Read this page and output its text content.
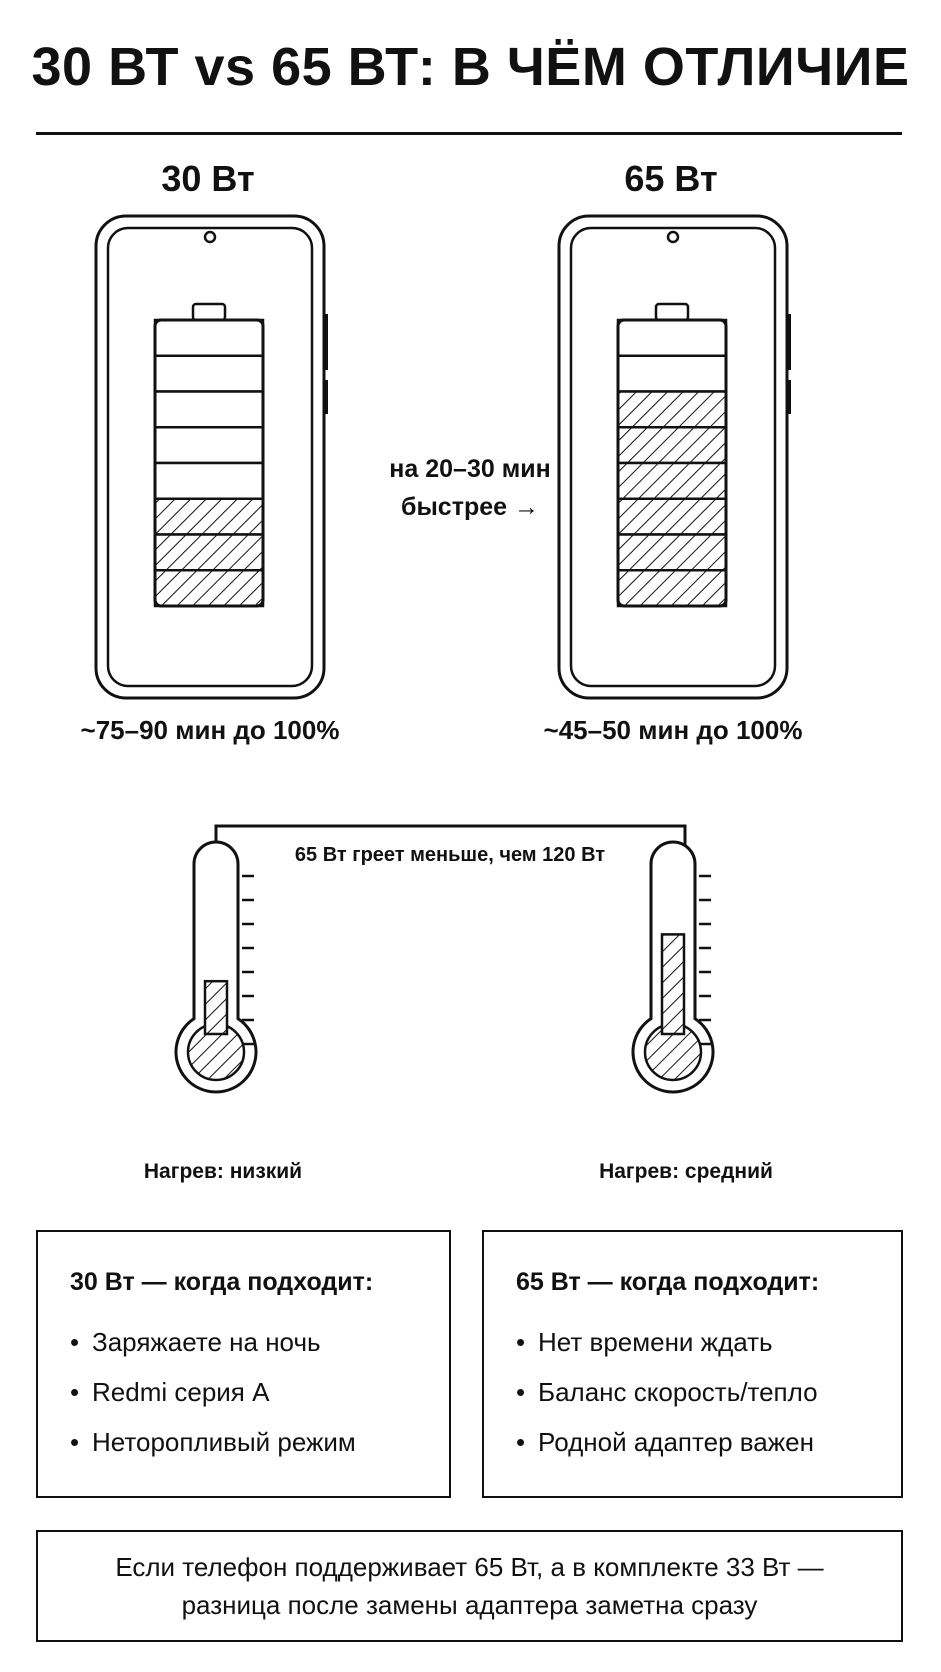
30 ВТ vs 65 ВТ: В ЧЁМ ОТЛИЧИЕ
30 Вт	65 Вт
на 20–30 мин
быстрее →
~75–90 мин до 100%	~45–50 мин до 100%
65 Вт греет меньше, чем 120 Вт
Нагрев: низкий	Нагрев: средний
30 Вт — когда подходит:
• Заряжаете на ночь
• Redmi серия A
• Неторопливый режим
65 Вт — когда подходит:
• Нет времени ждать
• Баланс скорость/тепло
• Родной адаптер важен
Если телефон поддерживает 65 Вт, а в комплекте 33 Вт —
разница после замены адаптера заметна сразу
